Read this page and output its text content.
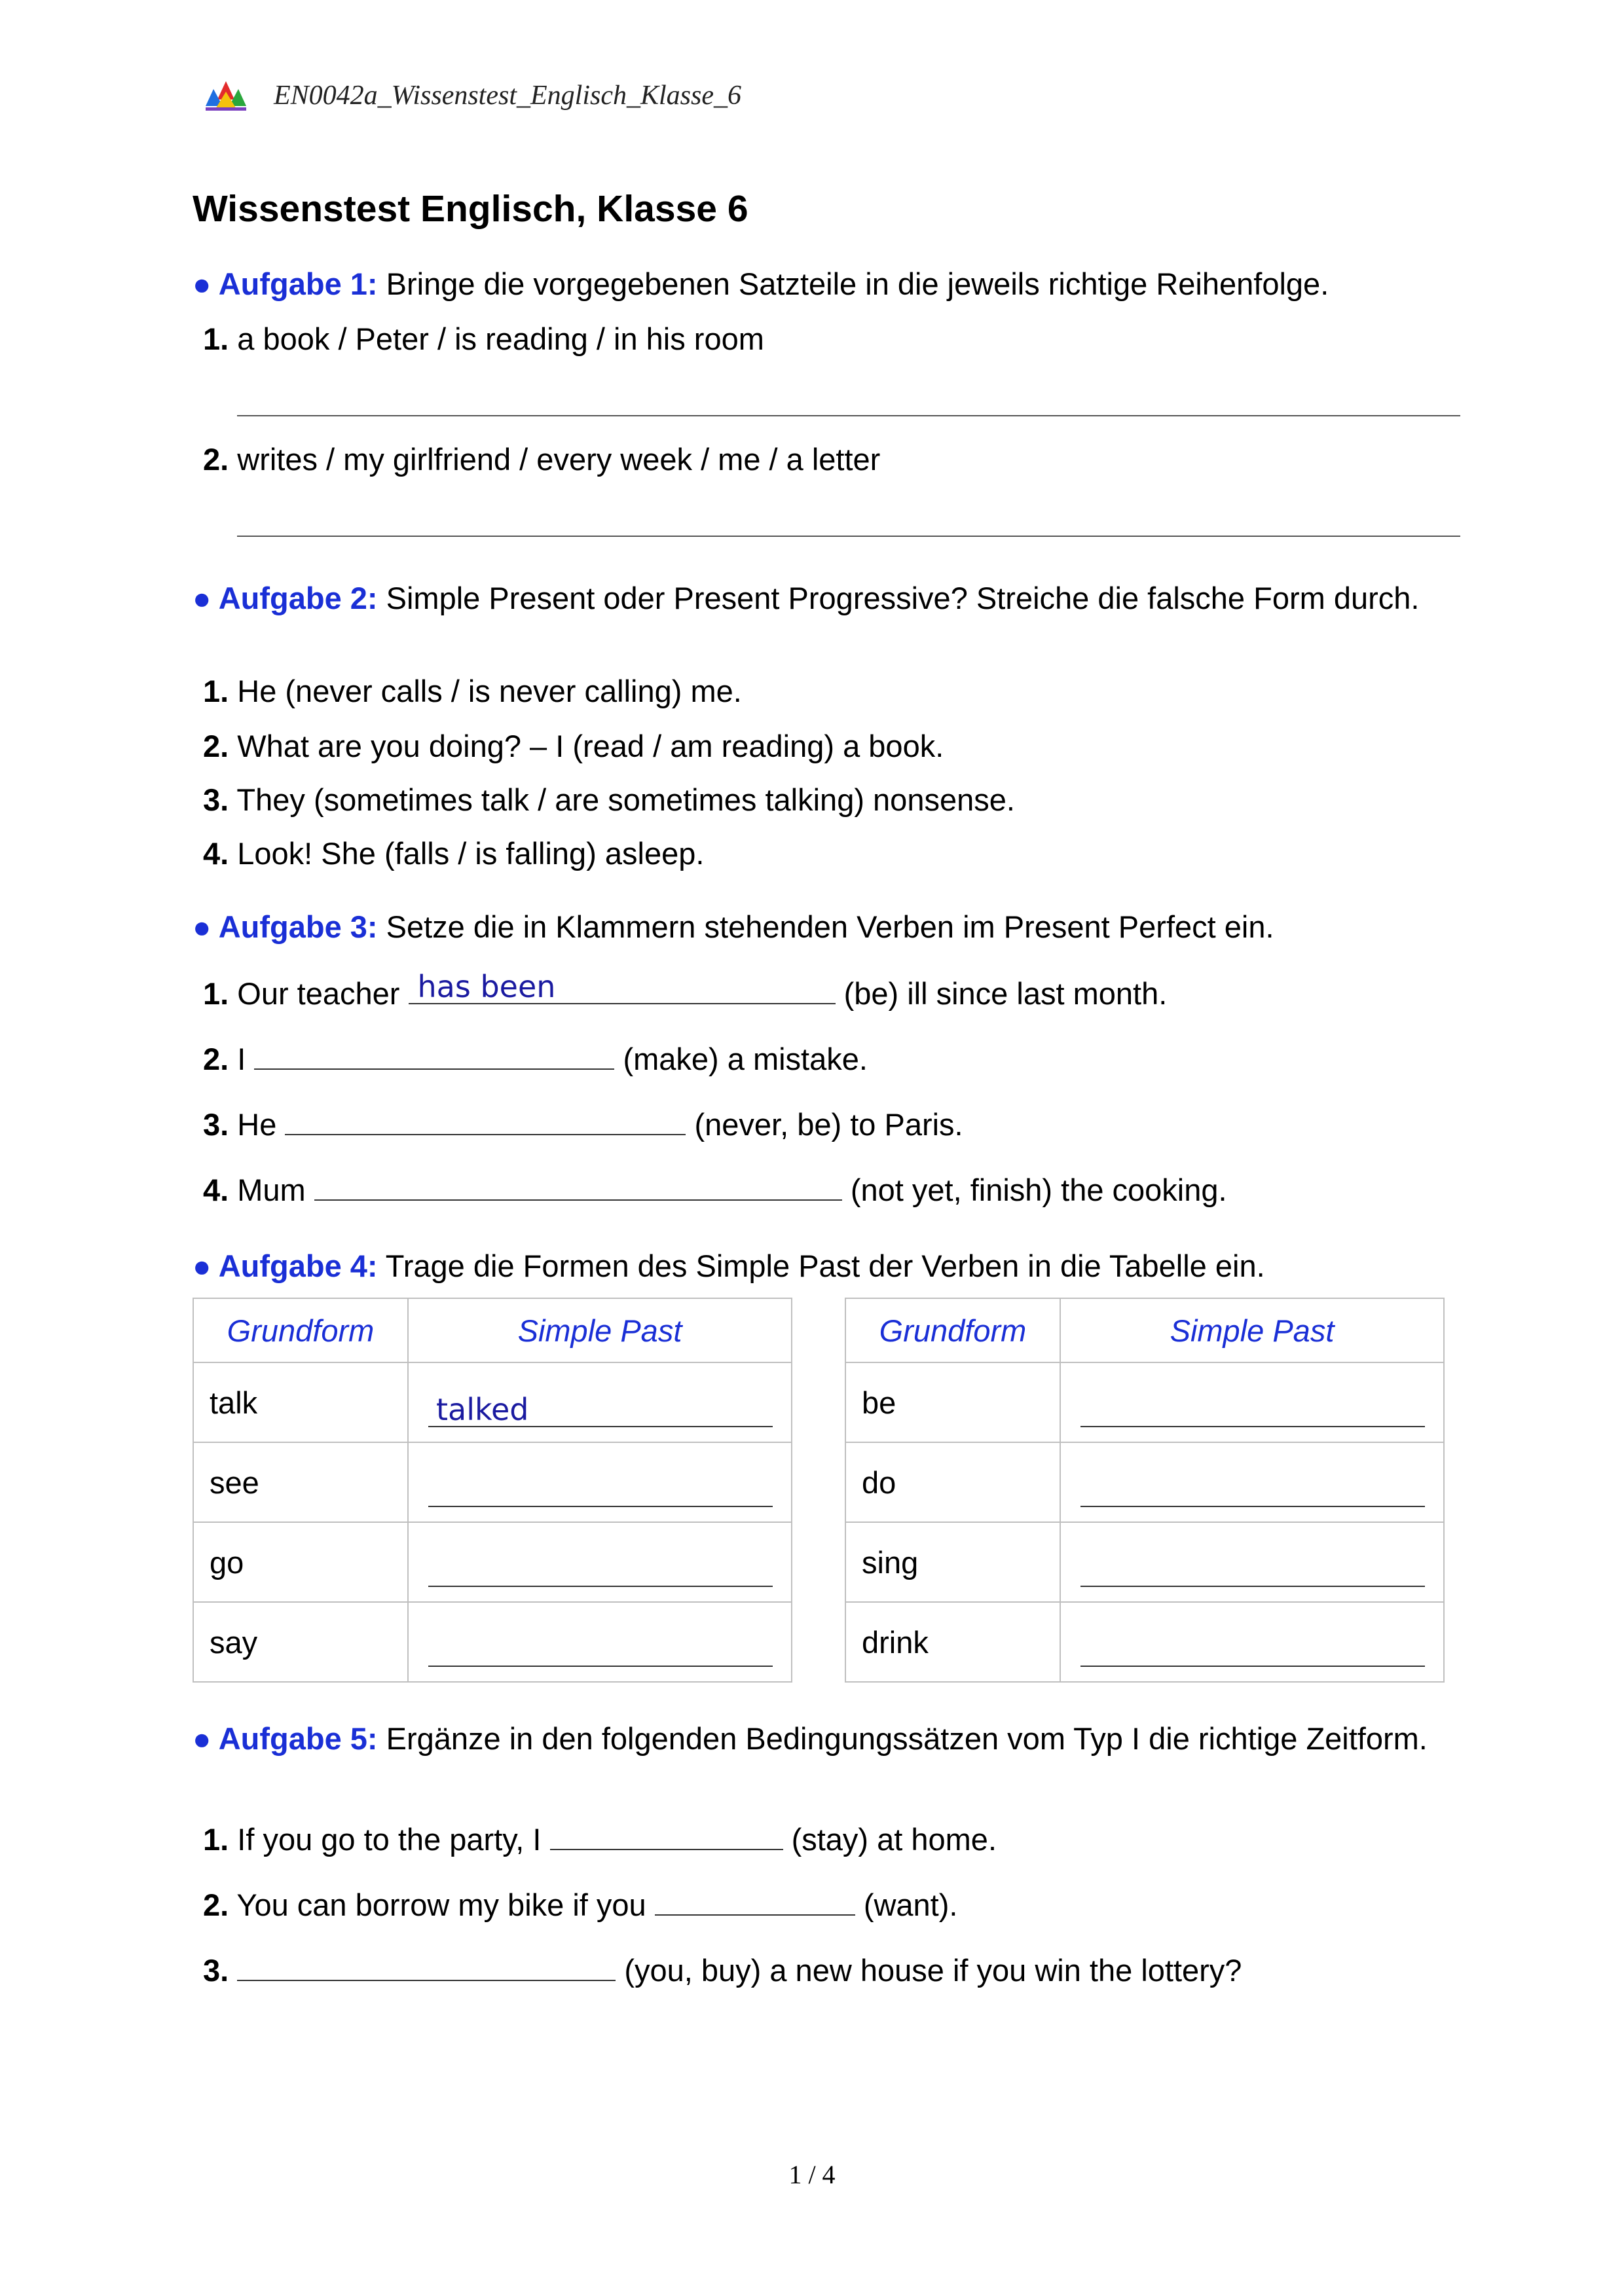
EN0042a_Wissenstest_Englisch_Klasse_6
Wissenstest Englisch, Klasse 6
● Aufgabe 1: Bringe die vorgegebenen Satzteile in die jeweils richtige Reihenfolge.
1. a book / Peter / is reading / in his room
2. writes / my girlfriend / every week / me / a letter
● Aufgabe 2: Simple Present oder Present Progressive? Streiche die falsche Form durch.
1. He (never calls / is never calling) me.
2. What are you doing? – I (read / am reading) a book.
3. They (sometimes talk / are sometimes talking) nonsense.
4. Look! She (falls / is falling) asleep.
● Aufgabe 3: Setze die in Klammern stehenden Verben im Present Perfect ein.
1. Our teacher has been	(be) ill since last month.
2. I	(make) a mistake.
3. He	(never, be) to Paris.
4. Mum	(not yet, finish) the cooking.
● Aufgabe 4: Trage die Formen des Simple Past der Verben in die Tabelle ein.
Grundform	Simple Past
talk	talked

see	

go	

say	
Grundform	Simple Past
be	

do	

sing	

drink	
● Aufgabe 5: Ergänze in den folgenden Bedingungssätzen vom Typ I die richtige Zeitform.
1. If you go to the party, I	(stay) at home.
2. You can borrow my bike if you	(want).
3.	(you, buy) a new house if you win the lottery?
1 / 4
